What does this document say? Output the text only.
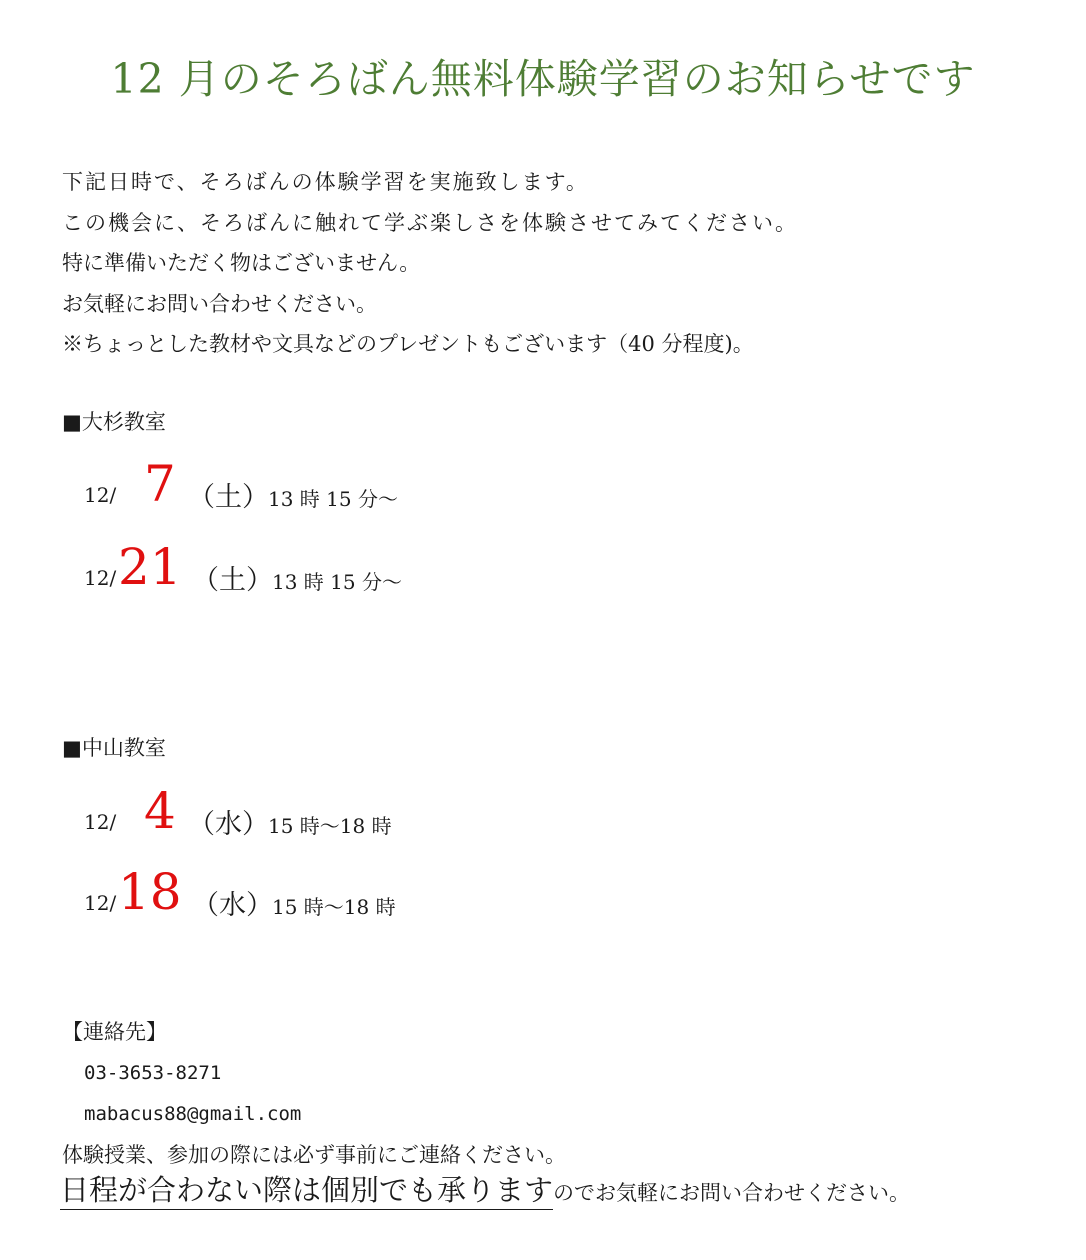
12 月のそろばん無料体験学習のお知らせです
下記日時で、そろばんの体験学習を実施致します。
この機会に、そろばんに触れて学ぶ楽しさを体験させてみてください。
特に準備いただく物はございません。
お気軽にお問い合わせください。
※ちょっとした教材や文具などのプレゼントもございます（40 分程度)。
■大杉教室
12/ 7 （土） 13 時 15 分～
12/ 21 （土） 13 時 15 分～
■中山教室
12/ 4 （水） 15 時～18 時
12/ 18 （水） 15 時～18 時
【連絡先】
03-3653-8271
mabacus88@gmail.com
体験授業、参加の際には必ず事前にご連絡ください。
日程が合わない際は個別でも承りますのでお気軽にお問い合わせください。
